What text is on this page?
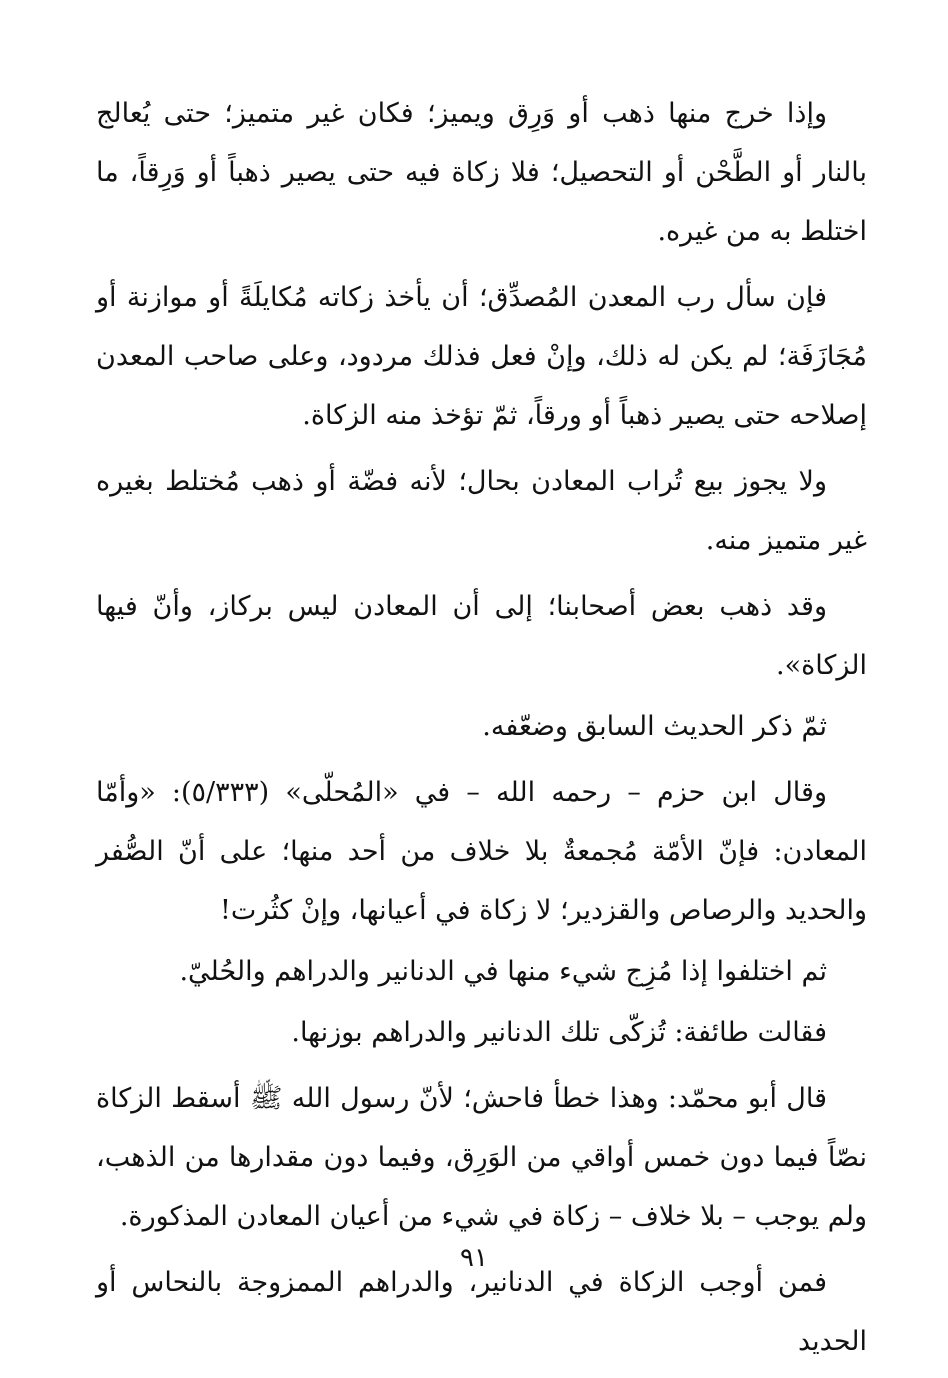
وإذا خرج منها ذهب أو وَرِق ويميز؛ فكان غير متميز؛ حتى يُعالج بالنار أو الطَّحْن أو التحصيل؛ فلا زكاة فيه حتى يصير ذهباً أو وَرِقاً، ما اختلط به من غيره.

فإن سأل رب المعدن المُصدِّق؛ أن يأخذ زكاته مُكايلَةً أو موازنة أو مُجَازَفَة؛ لم يكن له ذلك، وإنْ فعل فذلك مردود، وعلى صاحب المعدن إصلاحه حتى يصير ذهباً أو ورقاً، ثمّ تؤخذ منه الزكاة.

ولا يجوز بيع تُراب المعادن بحال؛ لأنه فضّة أو ذهب مُختلط بغيره غير متميز منه.

وقد ذهب بعض أصحابنا؛ إلى أن المعادن ليس بركاز، وأنّ فيها الزكاة».

ثمّ ذكر الحديث السابق وضعّفه.

وقال ابن حزم – رحمه الله – في «المُحلّى» (٥/٣٣٣): «وأمّا المعادن: فإنّ الأمّة مُجمعةٌ بلا خلاف من أحد منها؛ على أنّ الصُّفر والحديد والرصاص والقزدير؛ لا زكاة في أعيانها، وإنْ كثُرت!

ثم اختلفوا إذا مُزِج شيء منها في الدنانير والدراهم والحُليّ.

فقالت طائفة: تُزكّى تلك الدنانير والدراهم بوزنها.

قال أبو محمّد: وهذا خطأ فاحش؛ لأنّ رسول الله ﷺ أسقط الزكاة نصّاً فيما دون خمس أواقي من الوَرِق، وفيما دون مقدارها من الذهب، ولم يوجب – بلا خلاف – زكاة في شيء من أعيان المعادن المذكورة.

فمن أوجب الزكاة في الدنانير، والدراهم الممزوجة بالنحاس أو الحديد

٩١
